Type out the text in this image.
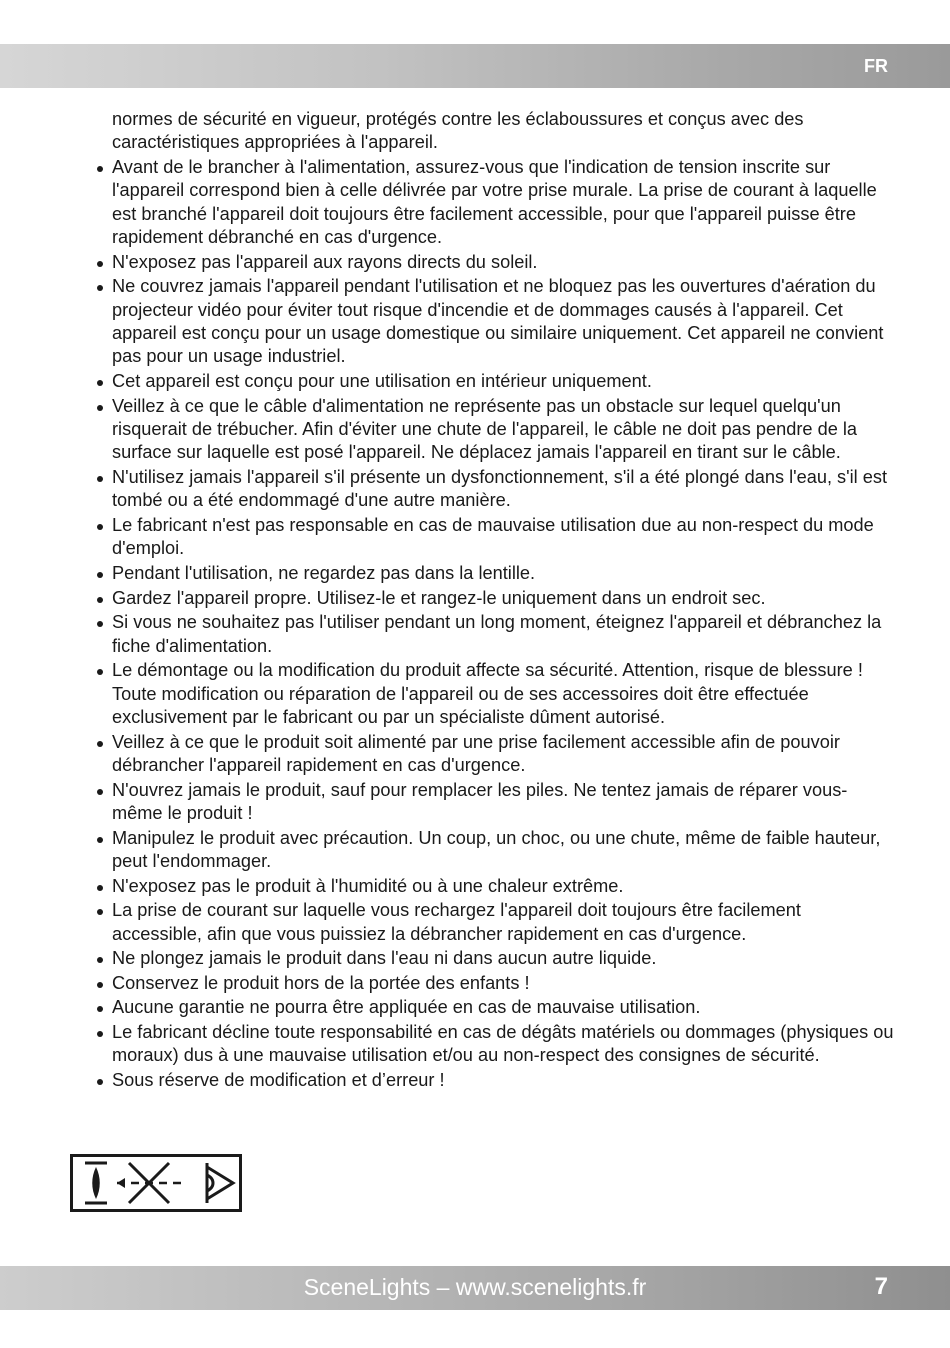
FR

normes de sécurité en vigueur, protégés contre les éclaboussures et conçus avec des caractéristiques appropriées à l'appareil.

Avant de le brancher à l'alimentation, assurez-vous que l'indication de tension inscrite sur l'appareil correspond bien à celle délivrée par votre prise murale. La prise de courant à laquelle est branché l'appareil doit toujours être facilement accessible, pour que l'appareil puisse être rapidement débranché en cas d'urgence.
N'exposez pas l'appareil aux rayons directs du soleil.
Ne couvrez jamais l'appareil pendant l'utilisation et ne bloquez pas les ouvertures d'aération du projecteur vidéo pour éviter tout risque d'incendie et de dommages causés à l'appareil. Cet appareil est conçu pour un usage domestique ou similaire uniquement. Cet appareil ne convient pas pour un usage industriel.
Cet appareil est conçu pour une utilisation en intérieur uniquement.
Veillez à ce que le câble d'alimentation ne représente pas un obstacle sur lequel quelqu'un risquerait de trébucher. Afin d'éviter une chute de l'appareil, le câble ne doit pas pendre de la surface sur laquelle est posé l'appareil. Ne déplacez jamais l'appareil en tirant sur le câble.
N'utilisez jamais l'appareil s'il présente un dysfonctionnement, s'il a été plongé dans l'eau, s'il est tombé ou a été endommagé d'une autre manière.
Le fabricant n'est pas responsable en cas de mauvaise utilisation due au non-respect du mode d'emploi.
Pendant l'utilisation, ne regardez pas dans la lentille.
Gardez l'appareil propre. Utilisez-le et rangez-le uniquement dans un endroit sec.
Si vous ne souhaitez pas l'utiliser pendant un long moment, éteignez l'appareil et débranchez la fiche d'alimentation.
Le démontage ou la modification du produit affecte sa sécurité. Attention, risque de blessure ! Toute modification ou réparation de l'appareil ou de ses accessoires doit être effectuée exclusivement par le fabricant ou par un spécialiste dûment autorisé.
Veillez à ce que le produit soit alimenté par une prise facilement accessible afin de pouvoir débrancher l'appareil rapidement en cas d'urgence.
N'ouvrez jamais le produit, sauf pour remplacer les piles. Ne tentez jamais de réparer vous-même le produit !
Manipulez le produit avec précaution. Un coup, un choc, ou une chute, même de faible hauteur, peut l'endommager.
N'exposez pas le produit à l'humidité ou à une chaleur extrême.
La prise de courant sur laquelle vous rechargez l'appareil doit toujours être facilement accessible, afin que vous puissiez la débrancher rapidement en cas d'urgence.
Ne plongez jamais le produit dans l'eau ni dans aucun autre liquide.
Conservez le produit hors de la portée des enfants !
Aucune garantie ne pourra être appliquée en cas de mauvaise utilisation.
Le fabricant décline toute responsabilité en cas de dégâts matériels ou dommages (physiques ou moraux) dus à une mauvaise utilisation et/ou au non-respect des consignes de sécurité.
Sous réserve de modification et d’erreur !
SceneLights – www.scenelights.fr	7
